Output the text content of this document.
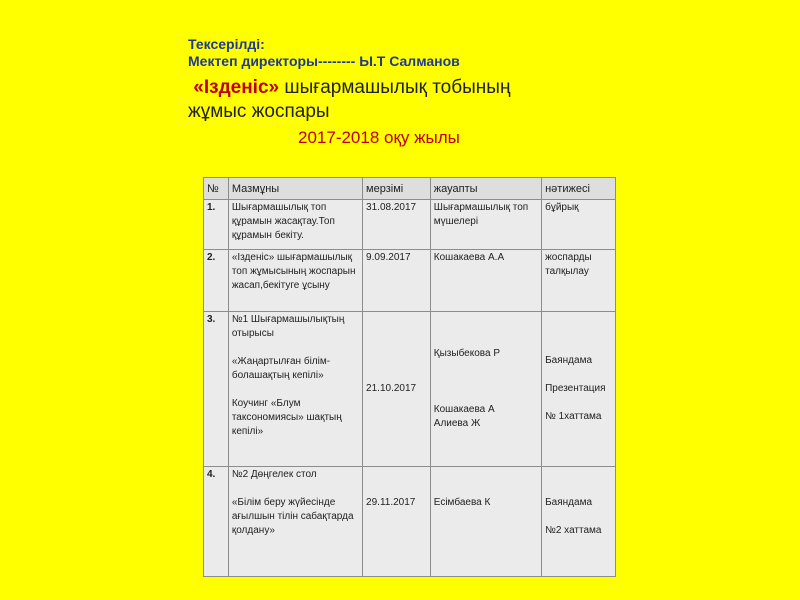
Тексерілді:
Мектеп директоры-------- Ы.Т Салманов
«Ізденіс» шығармашылық тобының
жұмыс жоспары
2017-2018 оқу жылы
№	Мазмұны	мерзімі	жауапты	нәтижесі
1.	Шығармашылық топ құрамын жасақтау.Топ құрамын бекіту.	31.08.2017	Шығармашылық топ мүшелері	бұйрық
2.	«Ізденіс» шығармашылық топ жұмысының жоспарын жасап,бекітуге ұсыну	9.09.2017	Кошакаева А.А	жоспарды талқылау
3.	№1 Шығармашылықтың отырысы
«Жаңартылған білім-болашақтың кепілі»
Коучинг «Блум таксономиясы» шақтың кепілі»	21.10.2017	Қызыбекова Р
Кошакаева А
Алиева Ж	Баяндама
Презентация
№ 1хаттама
4.	№2 Дөңгелек стол
«Білім беру жүйесінде ағылшын тілін сабақтарда қолдану»	29.11.2017	Есімбаева К	Баяндама
№2 хаттама
